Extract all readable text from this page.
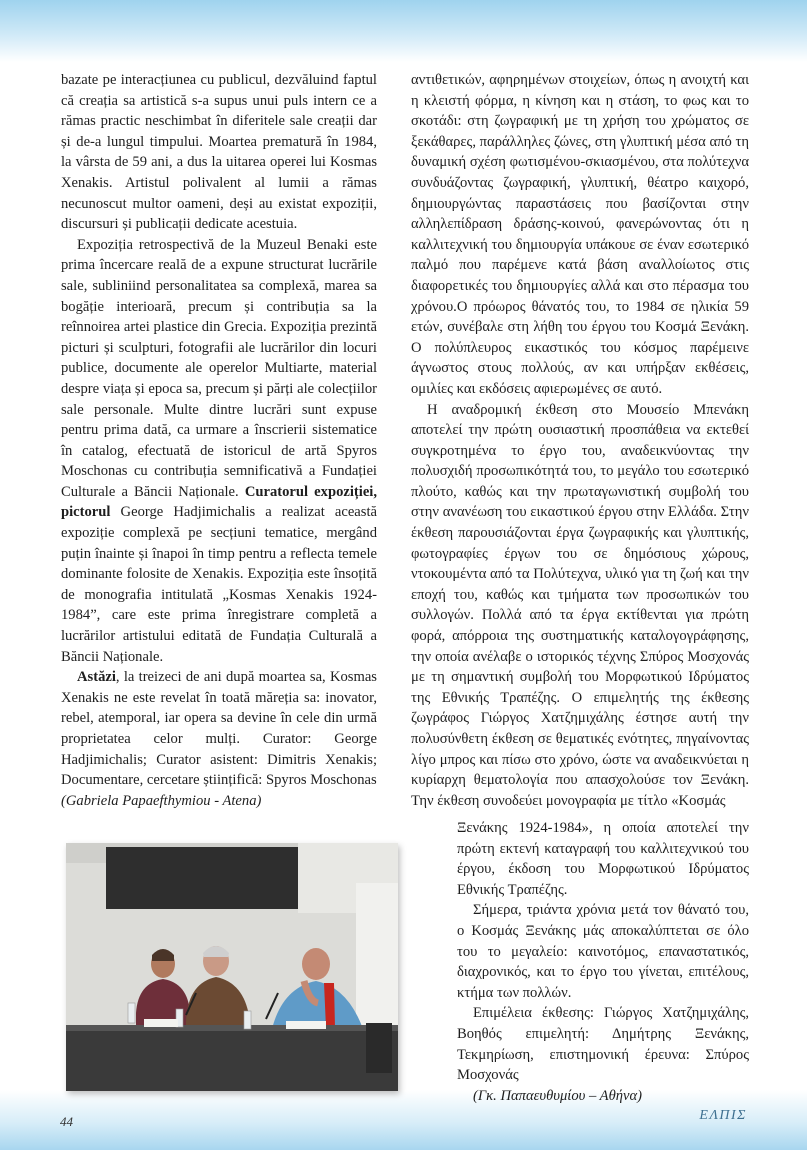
bazate pe interacțiunea cu publicul, dezvăluind faptul că creația sa artistică s-a supus unui puls intern ce a rămas practic neschimbat în diferitele sale creații dar și de-a lungul timpului. Moartea prematură în 1984, la vârsta de 59 ani, a dus la uitarea operei lui Kosmas Xenakis. Artistul polivalent al lumii a rămas necunoscut multor oameni, deși au existat expoziții, discursuri și publicații dedicate acestuia.

Expoziția retrospectivă de la Muzeul Benaki este prima încercare reală de a expune structurat lucrările sale, subliniind personalitatea sa complexă, marea sa bogăție interioară, precum și contribuția sa la reînnoirea artei plastice din Grecia. Expoziția prezintă picturi și sculpturi, fotografii ale lucrărilor din locuri publice, documente ale operelor Multiarte, material despre viața și epoca sa, precum și părți ale colecțiilor sale personale. Multe dintre lucrări sunt expuse pentru prima dată, ca urmare a înscrierii sistematice în catalog, efectuată de istoricul de artă Spyros Moschonas cu contribuția semnificativă a Fundației Culturale a Băncii Naționale. Curatorul expoziției, pictorul George Hadjimichalis a realizat această expoziție complexă pe secțiuni tematice, mergând puțin înainte și înapoi în timp pentru a reflecta temele dominante folosite de Xenakis. Expoziția este însoțită de monografia intitulată „Kosmas Xenakis 1924-1984”, care este prima înregistrare completă a lucrărilor artistului editată de Fundația Culturală a Băncii Naționale.

Astăzi, la treizeci de ani după moartea sa, Kosmas Xenakis ne este revelat în toată măreția sa: inovator, rebel, atemporal, iar opera sa devine în cele din urmă proprietatea celor mulți. Curator: George Hadjimichalis; Curator asistent: Dimitris Xenakis; Documentare, cercetare științifică: Spyros Moschonas

(Gabriela Papaefthymiou - Atena)

αντιθετικών, αφηρημένων στοιχείων, όπως η ανοιχτή και η κλειστή φόρμα, η κίνηση και η στάση, το φως και το σκοτάδι: στη ζωγραφική με τη χρήση του χρώματος σε ξεκάθαρες, παράλληλες ζώνες, στη γλυπτική μέσα από τη δυναμική σχέση φωτισμένου-σκιασμένου, στα πολύτεχνα συνδυάζοντας ζωγραφική, γλυπτική, θέατρο καιχορό, δημιουργώντας παραστάσεις που βασίζονται στην αλληλεπίδραση δράσης-κοινού, φανερώνοντας ότι η καλλιτεχνική του δημιουργία υπάκουε σε έναν εσωτερικό παλμό που παρέμενε κατά βάση αναλλοίωτος στις διαφορετικές του δημιουργίες αλλά και στο πέρασμα του χρόνου.Ο πρόωρος θάνατός του, το 1984 σε ηλικία 59 ετών, συνέβαλε στη λήθη του έργου του Κοσμά Ξενάκη. Ο πολύπλευρος εικαστικός του κόσμος παρέμεινε άγνωστος στους πολλούς, αν και υπήρξαν εκθέσεις, ομιλίες και εκδόσεις αφιερωμένες σε αυτό.

Η αναδρομική έκθεση στο Μουσείο Μπενάκη αποτελεί την πρώτη ουσιαστική προσπάθεια να εκτεθεί συγκροτημένα το έργο του, αναδεικνύοντας την πολυσχιδή προσωπικότητά του, το μεγάλο του εσωτερικό πλούτο, καθώς και την πρωταγωνιστική συμβολή του στην ανανέωση του εικαστικού έργου στην Ελλάδα. Στην έκθεση παρουσιάζονται έργα ζωγραφικής και γλυπτικής, φωτογραφίες έργων του σε δημόσιους χώρους, ντοκουμέντα από τα Πολύτεχνα, υλικό για τη ζωή και την εποχή του, καθώς και τμήματα των προσωπικών του συλλογών. Πολλά από τα έργα εκτίθενται για πρώτη φορά, απόρροια της συστηματικής καταλογογράφησης, την οποία ανέλαβε ο ιστορικός τέχνης Σπύρος Μοσχονάς με τη σημαντική συμβολή του Μορφωτικού Ιδρύματος της Εθνικής Τραπέζης. Ο επιμελητής της έκθεσης ζωγράφος Γιώργος Χατζημιχάλης έστησε αυτή την πολυσύνθετη έκθεση σε θεματικές ενότητες, πηγαίνοντας λίγο μπρος και πίσω στο χρόνο, ώστε να αναδεικνύεται η κυρίαρχη θεματολογία που απασχολούσε τον Ξενάκη. Την έκθεση συνοδεύει μονογραφία με τίτλο «Κοσμάς

Ξενάκης 1924-1984», η οποία αποτελεί την πρώτη εκτενή καταγραφή του καλλιτεχνικού του έργου, έκδοση του Μορφωτικού Ιδρύματος Εθνικής Τραπέζης.

Σήμερα, τριάντα χρόνια μετά τον θάνατό του, ο Κοσμάς Ξενάκης μάς αποκαλύπτεται σε όλο του το μεγαλείο: καινοτόμος, επαναστατικός, διαχρονικός, και το έργο του γίνεται, επιτέλους, κτήμα των πολλών.

Επιμέλεια έκθεσης: Γιώργος Χατζημιχάλης, Βοηθός επιμελητή: Δημήτρης Ξενάκης, Τεκμηρίωση, επιστημονική έρευνα: Σπύρος Μοσχονάς

(Γκ. Παπαευθυμίου – Αθήνα)

44	ΕΛΠΙΣ
